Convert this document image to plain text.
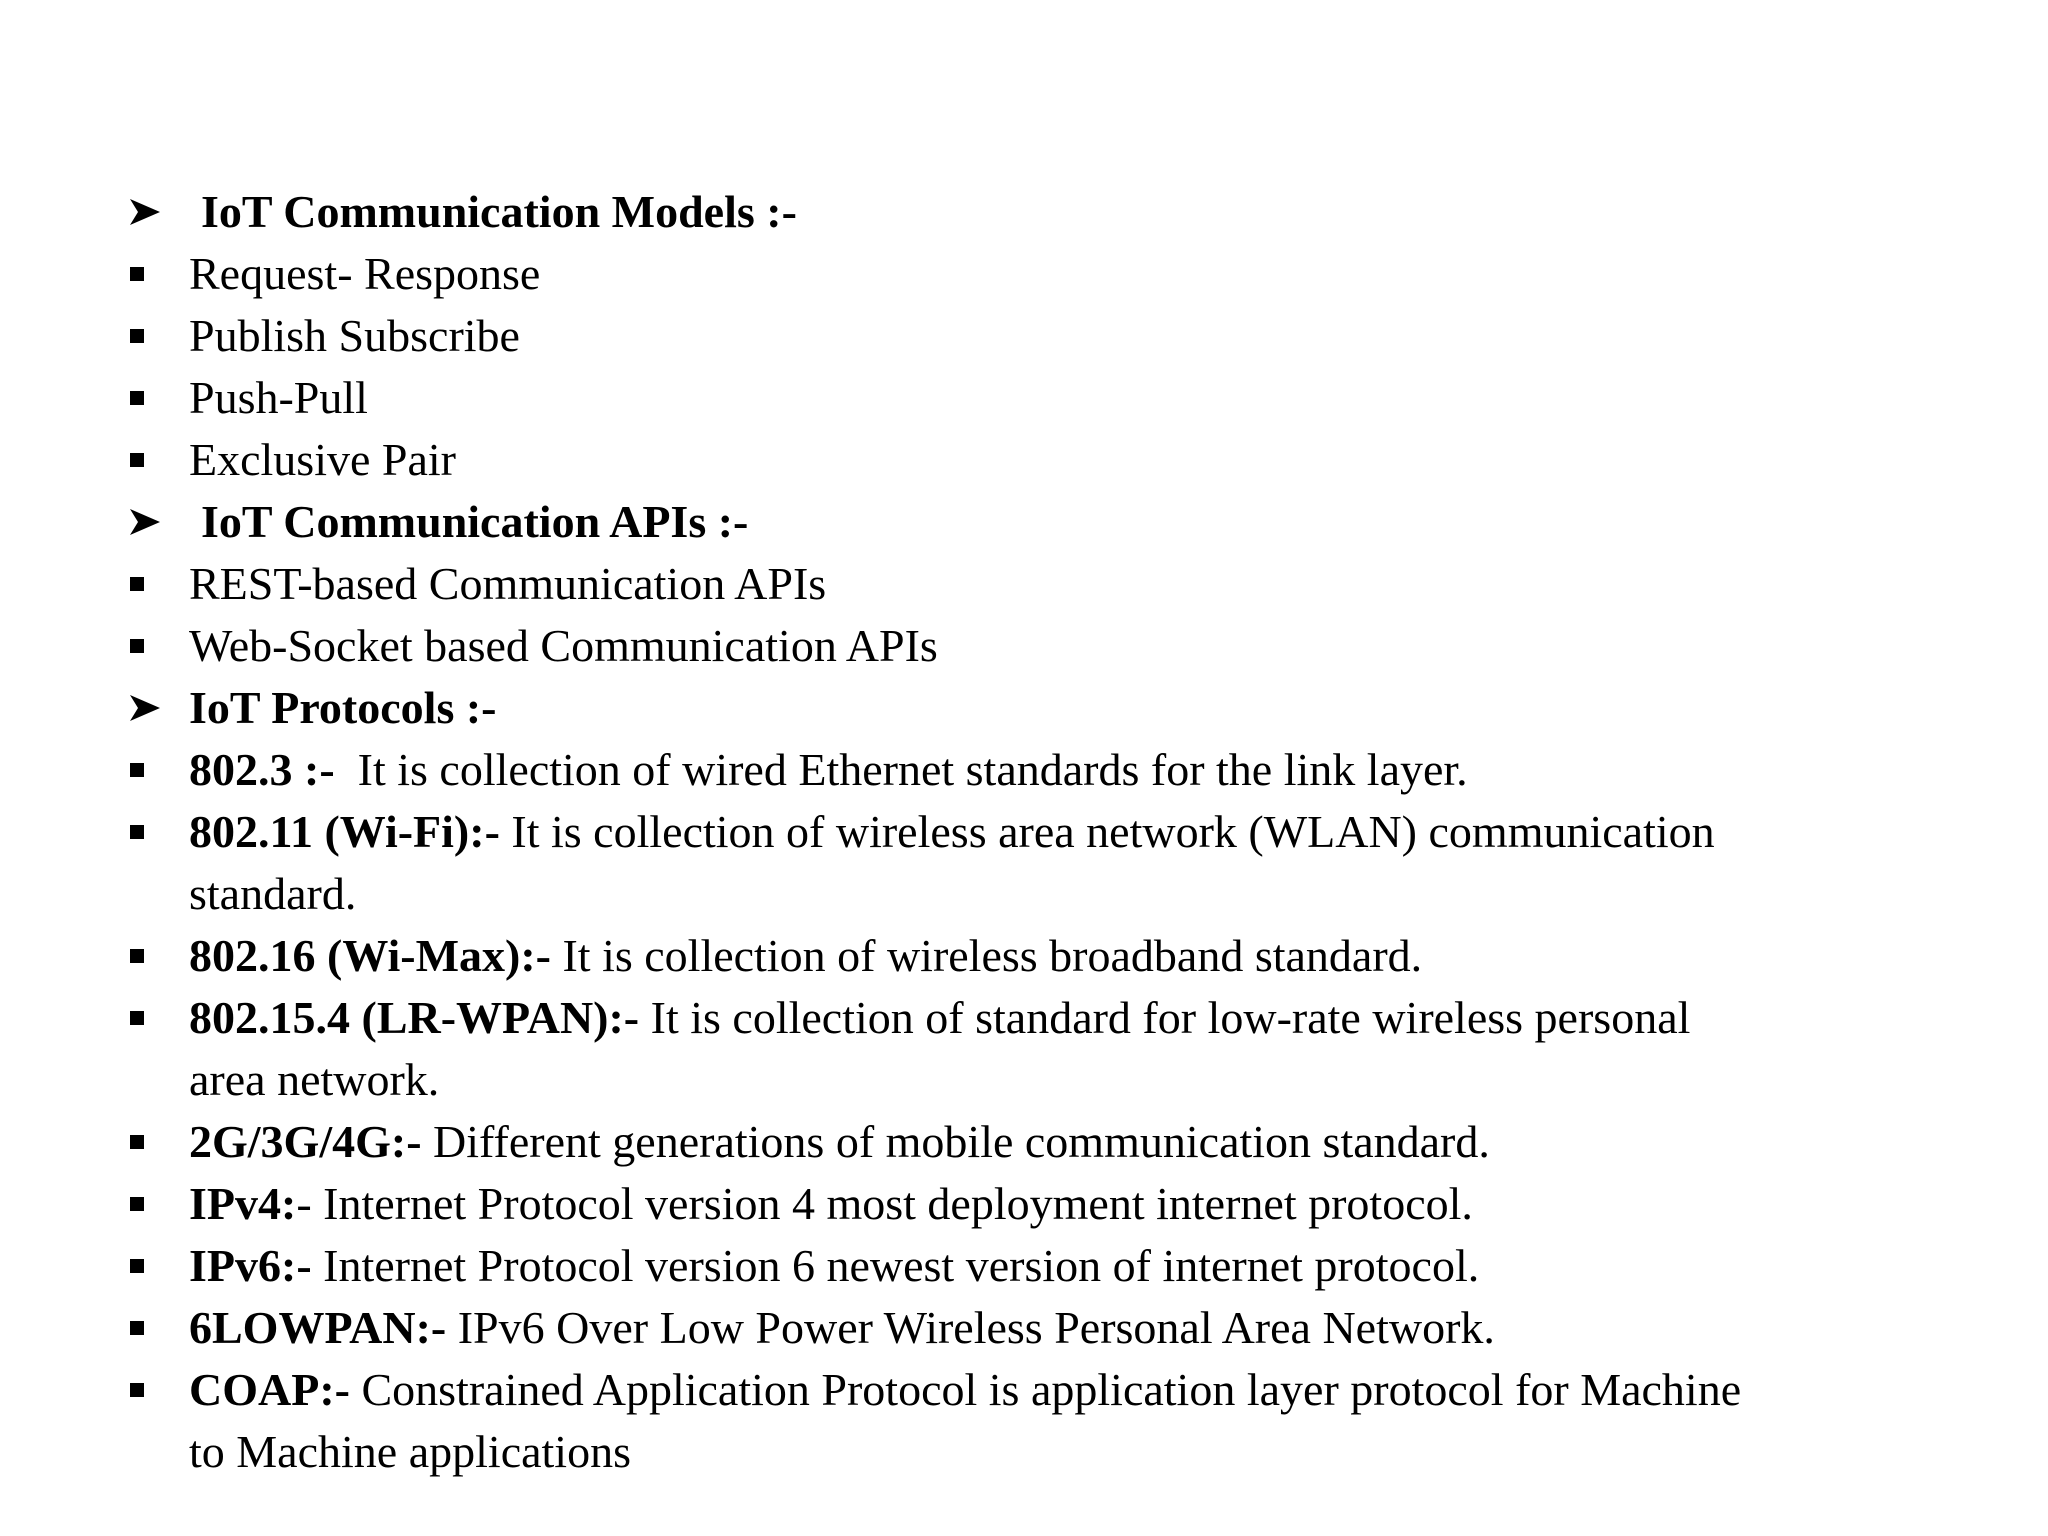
IoT Communication Models :-
Request- Response
Publish Subscribe
Push-Pull
Exclusive Pair
IoT Communication APIs :-
REST-based Communication APIs
Web-Socket based Communication APIs
IoT Protocols :-
802.3 :-  It is collection of wired Ethernet standards for the link layer.
802.11 (Wi-Fi):- It is collection of wireless area network (WLAN) communication
standard.
802.16 (Wi-Max):- It is collection of wireless broadband standard.
802.15.4 (LR-WPAN):- It is collection of standard for low-rate wireless personal
area network.
2G/3G/4G:- Different generations of mobile communication standard.
IPv4:- Internet Protocol version 4 most deployment internet protocol.
IPv6:- Internet Protocol version 6 newest version of internet protocol.
6LOWPAN:- IPv6 Over Low Power Wireless Personal Area Network.
COAP:- Constrained Application Protocol is application layer protocol for Machine
to Machine applications
